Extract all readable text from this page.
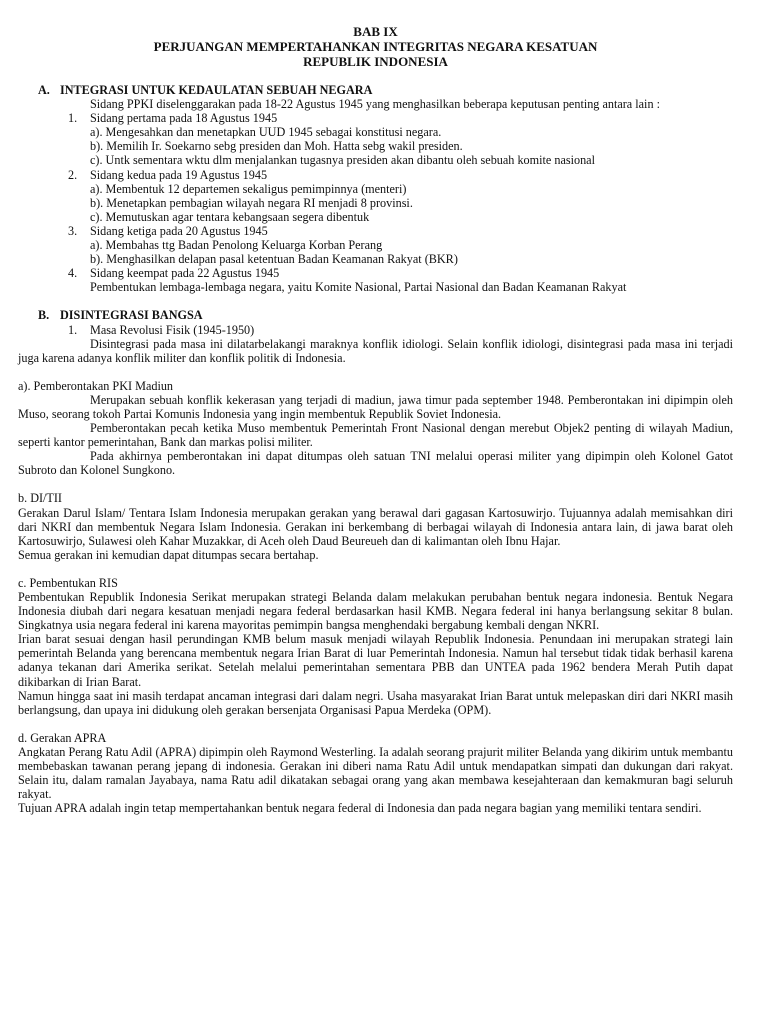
BAB IX
PERJUANGAN MEMPERTAHANKAN INTEGRITAS NEGARA KESATUAN
REPUBLIK INDONESIA
A. INTEGRASI UNTUK KEDAULATAN SEBUAH NEGARA
Sidang PPKI diselenggarakan pada 18-22 Agustus 1945 yang menghasilkan beberapa keputusan penting antara lain :
1. Sidang pertama pada 18 Agustus 1945
a). Mengesahkan dan menetapkan UUD 1945 sebagai konstitusi negara.
b). Memilih Ir. Soekarno sebg presiden dan Moh. Hatta sebg wakil presiden.
c). Untk sementara wktu dlm menjalankan tugasnya presiden akan dibantu oleh sebuah komite nasional
2. Sidang kedua pada 19 Agustus 1945
a). Membentuk 12 departemen sekaligus pemimpinnya (menteri)
b). Menetapkan pembagian wilayah negara RI menjadi 8 provinsi.
c). Memutuskan agar tentara kebangsaan segera dibentuk
3. Sidang ketiga pada 20 Agustus 1945
a). Membahas ttg Badan Penolong Keluarga Korban Perang
b). Menghasilkan delapan pasal ketentuan Badan Keamanan Rakyat (BKR)
4. Sidang keempat pada 22 Agustus 1945
Pembentukan lembaga-lembaga negara, yaitu Komite Nasional, Partai Nasional dan Badan Keamanan Rakyat
B. DISINTEGRASI BANGSA
1. Masa Revolusi Fisik (1945-1950)
Disintegrasi pada masa ini dilatarbelakangi maraknya konflik idiologi. Selain konflik idiologi, disintegrasi pada masa ini terjadi juga karena adanya konflik militer dan konflik politik di Indonesia.
a). Pemberontakan PKI Madiun
Merupakan sebuah konflik kekerasan yang terjadi di madiun, jawa timur pada september 1948. Pemberontakan ini dipimpin oleh Muso, seorang tokoh Partai Komunis Indonesia yang ingin membentuk Republik Soviet Indonesia.
Pemberontakan pecah ketika Muso membentuk Pemerintah Front Nasional dengan merebut Objek2 penting di wilayah Madiun, seperti kantor pemerintahan, Bank dan markas polisi militer.
Pada akhirnya pemberontakan ini dapat ditumpas oleh satuan TNI melalui operasi militer yang dipimpin oleh Kolonel Gatot Subroto dan Kolonel Sungkono.
b. DI/TII
Gerakan Darul Islam/ Tentara Islam Indonesia merupakan gerakan yang berawal dari gagasan Kartosuwirjo. Tujuannya adalah memisahkan diri dari NKRI dan membentuk Negara Islam Indonesia. Gerakan ini berkembang di berbagai wilayah di Indonesia antara lain, di jawa barat oleh Kartosuwirjo, Sulawesi oleh Kahar Muzakkar, di Aceh oleh Daud Beureueh dan di kalimantan oleh Ibnu Hajar.
Semua gerakan ini kemudian dapat ditumpas secara bertahap.
c. Pembentukan RIS
Pembentukan Republik Indonesia Serikat merupakan strategi Belanda dalam melakukan perubahan bentuk negara indonesia. Bentuk Negara Indonesia diubah dari negara kesatuan menjadi negara federal berdasarkan hasil KMB. Negara federal ini hanya berlangsung sekitar 8 bulan. Singkatnya usia negara federal ini karena mayoritas pemimpin bangsa menghendaki bergabung kembali dengan NKRI.
Irian barat sesuai dengan hasil perundingan KMB belum masuk menjadi wilayah Republik Indonesia. Penundaan ini merupakan strategi lain pemerintah Belanda yang berencana membentuk negara Irian Barat di luar Pemerintah Indonesia. Namun hal tersebut tidak tidak berhasil karena adanya tekanan dari Amerika serikat. Setelah melalui pemerintahan sementara PBB dan UNTEA pada 1962 bendera Merah Putih dapat dikibarkan di Irian Barat.
Namun hingga saat ini masih terdapat ancaman integrasi dari dalam negri. Usaha masyarakat Irian Barat untuk melepaskan diri dari NKRI masih berlangsung, dan upaya ini didukung oleh gerakan bersenjata Organisasi Papua Merdeka (OPM).
d. Gerakan APRA
Angkatan Perang Ratu Adil (APRA) dipimpin oleh Raymond Westerling. Ia adalah seorang prajurit militer Belanda yang dikirim untuk membantu membebaskan tawanan perang jepang di indonesia. Gerakan ini diberi nama Ratu Adil untuk mendapatkan simpati dan dukungan dari rakyat. Selain itu, dalam ramalan Jayabaya, nama Ratu adil dikatakan sebagai orang yang akan membawa kesejahteraan dan kemakmuran bagi seluruh rakyat.
Tujuan APRA adalah ingin tetap mempertahankan bentuk negara federal di Indonesia dan pada negara bagian yang memiliki tentara sendiri.
